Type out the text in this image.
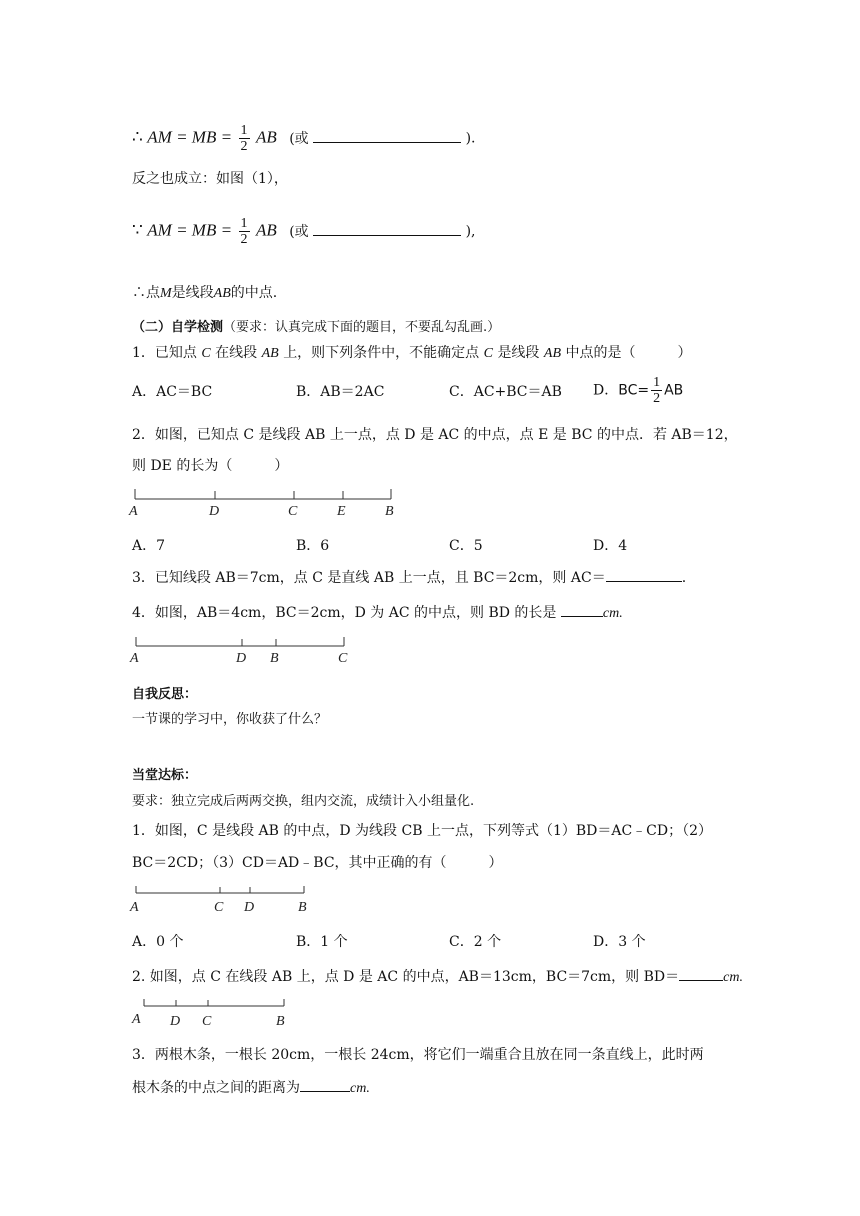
∴ AM = MB = $\frac{1}{2}$ AB (或	).
反之也成立：如图（1），
∵ AM = MB = $\frac{1}{2}$ AB (或	),
∴点M是线段AB的中点.
（二）自学检测（要求：认真完成下面的题目，不要乱勾乱画.）
1．已知点 C 在线段 AB 上，则下列条件中，不能确定点 C 是线段 AB 中点的是（　　　）
A．AC＝BC	B．AB＝2AC	C．AC+BC＝AB D．$BC= \frac{1}{2}$ AB
2．如图，已知点 C 是线段 AB 上一点，点 D 是 AC 的中点，点 E 是 BC 的中点．若 AB＝12，
则 DE 的长为（　　　）
A	D	C	E	B
A．7	B．6	C．5	D．4
3．已知线段 AB＝7cm，点 C 是直线 AB 上一点，且 BC＝2cm，则 AC＝	.
4．如图，AB＝4cm，BC＝2cm，D 为 AC 的中点，则 BD 的长是	cm.
A	D B	C
自我反思：
一节课的学习中，你收获了什么？
当堂达标：
要求：独立完成后两两交换，组内交流，成绩计入小组量化.
1．如图，C 是线段 AB 的中点，D 为线段 CB 上一点，下列等式（1）BD＝AC﹣CD；（2）
BC＝2CD；（3）CD＝AD﹣BC，其中正确的有（　　　）
A	C D	B
A．0 个	B．1 个	C．2 个	D．3 个
2. 如图，点 C 在线段 AB 上，点 D 是 AC 的中点，AB＝13cm，BC＝7cm，则 BD＝	cm.
A D C	B
3．两根木条，一根长 20cm，一根长 24cm，将它们一端重合且放在同一条直线上，此时两
根木条的中点之间的距离为	cm.
